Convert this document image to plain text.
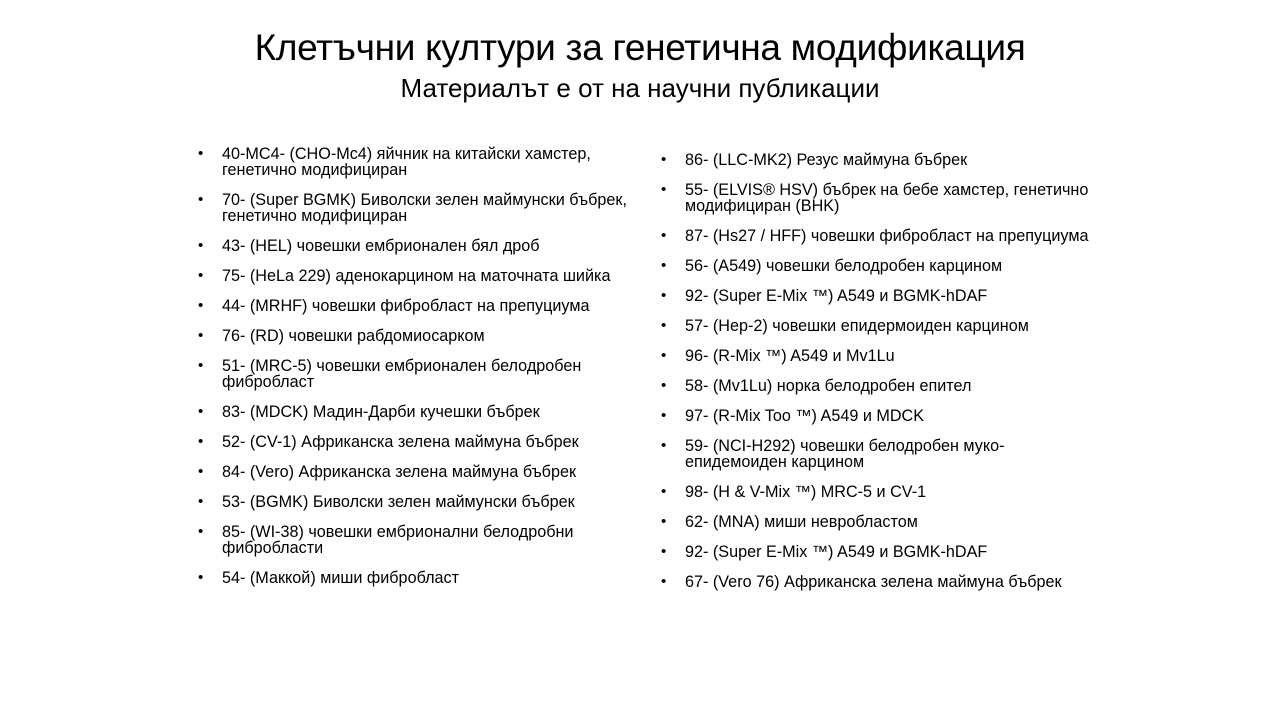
Клетъчни култури за генетична модификация
Материалът е от на научни публикации
• 40-MC4- (CHO-Mc4) яйчник на китайски хамстер, генетично модифициран
• 70- (Super BGMK) Биволски зелен маймунски бъбрек, генетично модифициран
• 43- (HEL) човешки ембрионален бял дроб
• 75- (HeLa 229) аденокарцином на маточната шийка
• 44- (MRHF) човешки фибробласт на препуциума
• 76- (RD) човешки рабдомиосарком
• 51- (MRC-5) човешки ембрионален белодробен фибробласт
• 83- (MDCK) Мадин-Дарби кучешки бъбрек
• 52- (CV-1) Африканска зелена маймуна бъбрек
• 84- (Vero) Африканска зелена маймуна бъбрек
• 53- (BGMK) Биволски зелен маймунски бъбрек
• 85- (WI-38) човешки ембрионални белодробни фибробласти
• 54- (Маккой) миши фибробласт
• 86- (LLC-MK2) Резус маймуна бъбрек
• 55- (ELVIS® HSV) бъбрек на бебе хамстер, генетично модифициран (BHK)
• 87- (Hs27 / HFF) човешки фибробласт на препуциума
• 56- (A549) човешки белодробен карцином
• 92- (Super E-Mix ™) A549 и BGMK-hDAF
• 57- (Hep-2) човешки епидермоиден карцином
• 96- (R-Mix ™) A549 и Mv1Lu
• 58- (Mv1Lu) норка белодробен епител
• 97- (R-Mix Too ™) A549 и MDCK
• 59- (NCI-H292) човешки белодробен муко-епидемоиден карцином
• 98- (H & V-Mix ™) MRC-5 и CV-1
• 62- (MNA) миши невробластом
• 92- (Super E-Mix ™) A549 и BGMK-hDAF
• 67- (Vero 76) Африканска зелена маймуна бъбрек
